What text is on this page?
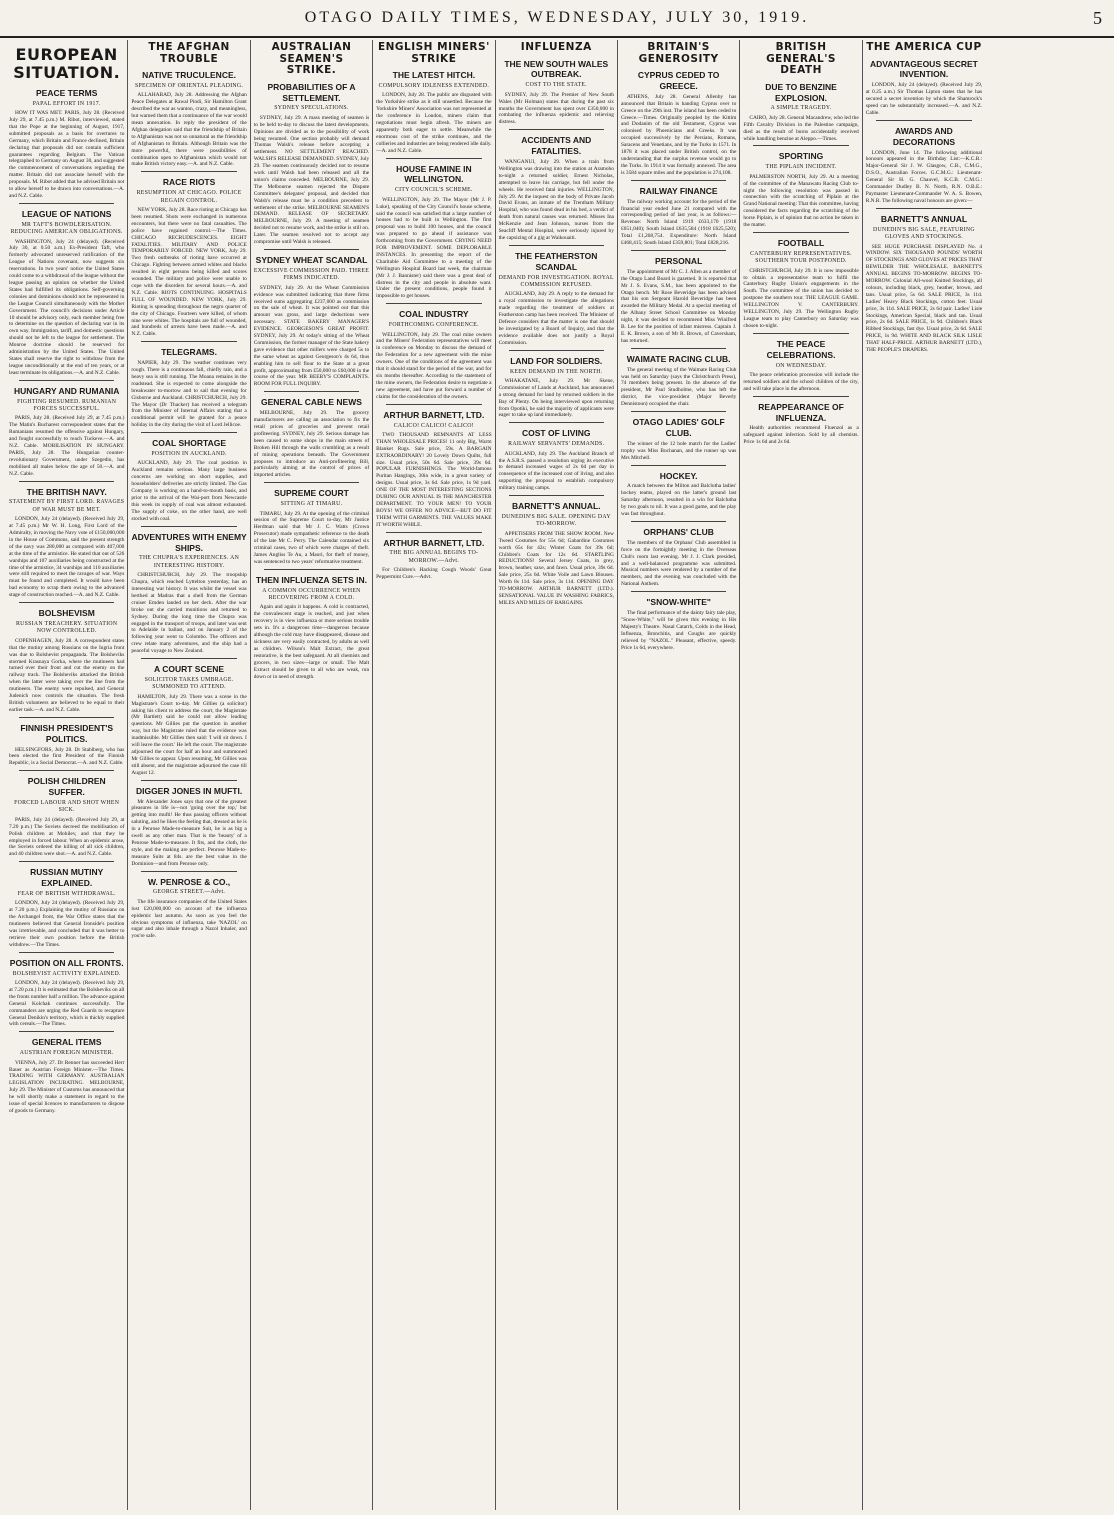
OTAGO DAILY TIMES, WEDNESDAY, JULY 30, 1919.	5
EUROPEAN SITUATION.
PEACE TERMS
PAPAL EFFORT IN 1917.

HOW IT WAS MET. PARIS, July 28. (Received July 29, at 7.45 p.m.) M. Ribot, interviewed, stated that the Pope at the beginning of August, 1917, submitted proposals as a basis for overtures to Germany, which Britain and France declined, Britain declaring that proposals did not contain sufficient guarantees regarding Belgium. The Vatican telegraphed to Germany on August 30, and suggested the commencement of conversations regarding the matter. Britain did not associate herself with the proposals. M. Ribot added that he advised Britain not to allow herself to be drawn into conversations.—A. and N.Z. Cable.

LEAGUE OF NATIONS
MR TAFT'S BOWDLERISATION. REDUCING AMERICAN OBLIGATIONS.

WASHINGTON, July 24 (delayed). (Received July 30, at 0.50 a.m.) Ex-President Taft, who formerly advocated unreserved ratification of the League of Nations covenant, now suggests six reservations. In two years' notice the United States could come to a withdrawal of the league without the league passing an opinion on whether the United States had fulfilled its obligations. Self-governing colonies and dominions should not be represented in the League Council simultaneously with the Mother Government. The council's decisions under Article 10 should be advisory only, each member being free to determine on the question of declaring war in its own way. Immigration, tariff, and domestic questions should not be left to the league for settlement. The Monroe doctrine should be reserved for administration by the United States. The United States shall reserve the right to withdraw from the league unconditionally at the end of ten years, or at least terminate its obligations.—A. and N.Z. Cable.

HUNGARY AND RUMANIA
FIGHTING RESUMED. RUMANIAN FORCES SUCCESSFUL.

PARIS, July 28. (Received July 29, at 7.45 p.m.) The Matin's Bucharest correspondent states that the Rumanians resumed the offensive against Hungary, and fought successfully to reach Tuckeve.—A. and N.Z. Cable. MOBILISATION IN HUNGARY. PARIS, July 28. The Hungarian counter-revolutionary Government, under Szegedin, has mobilised all males below the age of 50.—A. and N.Z. Cable.

THE BRITISH NAVY.
STATEMENT BY FIRST LORD. RAVAGES OF WAR MUST BE MET.

LONDON, July 24 (delayed). (Received July 29, at 7.45 p.m.) Mr W. H. Long, First Lord of the Admiralty, in moving the Navy vote of £150,000,000 in the House of Commons, said the present strength of the navy was 280,000 as compared with 407,000 at the time of the armistice. He stated that out of 526 warships and 107 auxiliaries being constructed at the time of the armistice, 34 warships and 110 auxiliaries were still required to meet the ravages of war. Ways must be found and completed. It would have been bad economy to scrap them owing to the advanced stage of construction reached.—A. and N.Z. Cable.

BOLSHEVISM
RUSSIAN TREACHERY. SITUATION NOW CONTROLLED.

COPENHAGEN, July 28. A correspondent states that the mutiny among Russians on the Ingria front was due to Bolshevist propaganda. The Bolsheviks stormed Krasnaya Gorka, where the mutineers had turned over their front and cut the enemy on the railway track. The Bolsheviks attacked the British when the latter were taking over the line from the mutineers. The enemy were repulsed, and General Judenich now controls the situation. The fresh British volunteers are believed to be equal to their earlier task.—A. and N.Z. Cable.

FINNISH PRESIDENT'S POLITICS.

HELSINGFORS, July 28. Dr Stahlberg, who has been elected the first President of the Finnish Republic, is a Social Democrat.—A. and N.Z. Cable.

POLISH CHILDREN SUFFER.
FORCED LABOUR AND SHOT WHEN SICK.

PARIS, July 24 (delayed). (Received July 29, at 7.20 p.m.) The Soviets decreed the mobilisation of Polish children at Mohilev, and that they be employed in forced labour. When an epidemic arose, the Soviets ordered the killing of all sick children, and 40 children were shot.—A. and N.Z. Cable.

RUSSIAN MUTINY EXPLAINED.
FEAR OF BRITISH WITHDRAWAL.

LONDON, July 24 (delayed). (Received July 29, at 7.20 p.m.) Explaining the mutiny of Russians on the Archangel front, the War Office states that the mutineers believed that General Ironside's position was irretrievable, and concluded that it was better to retrieve their own position before the British withdrew.—The Times.

POSITION ON ALL FRONTS.
BOLSHEVIST ACTIVITY EXPLAINED.

LONDON, July 24 (delayed). (Received July 29, at 7.20 p.m.) It is estimated that the Bolsheviks on all the fronts number half a million. The advance against General Kolchak continues successfully. The commanders are urging the Red Guards to recapture General Denikin's territory, which is thickly supplied with cereals.—The Times.

GENERAL ITEMS
AUSTRIAN FOREIGN MINISTER.

VIENNA, July 27. Dr Renner has succeeded Herr Bauer as Austrian Foreign Minister.—The Times. TRADING WITH GERMANY. AUSTRALIAN LEGISLATION INCUBATING. MELBOURNE, July 29. The Minister of Customs has announced that he will shortly make a statement in regard to the issue of special licences to manufacturers to dispose of goods to Germany.

THE AFGHAN TROUBLE
NATIVE TRUCULENCE.
SPECIMEN OF ORIENTAL PLEADING.

ALLAHABAD, July 28. Addressing the Afghan Peace Delegates at Rawal Pindi, Sir Hamilton Grant described the war as wanton, crazy, and meaningless, but warned them that a continuance of the war would mean annexation. In reply the president of the Afghan delegation said that the friendship of Britain to Afghanistan was not so unnatural as the friendship of Afghanistan to Britain. Although Britain was the more powerful, there were possibilities of combination open to Afghanistan which would not make British victory easy.—A. and N.Z. Cable.

RACE RIOTS
RESUMPTION AT CHICAGO. POLICE REGAIN CONTROL.

NEW YORK, July 28. Race rioting at Chicago has been resumed. Shots were exchanged in numerous encounters, but there were no fatal casualties. The police have regained control.—The Times. CHICAGO RECRUDESCENCES. EIGHT FATALITIES. MILITARY AND POLICE TEMPORARILY FORCED. NEW YORK, July 29. Two fresh outbreaks of rioting have occurred at Chicago. Fighting between armed whites and blacks resulted in eight persons being killed and scores wounded. The military and police were unable to cope with the disorders for several hours.—A. and N.Z. Cable. RIOTS CONTINUING. HOSPITALS FULL OF WOUNDED. NEW YORK, July 29. Rioting is spreading throughout the negro quarter of the city of Chicago. Fourteen were killed, of whom nine were whites. The hospitals are full of wounded, and hundreds of arrests have been made.—A. and N.Z. Cable.

TELEGRAMS.

NAPIER, July 29. The weather continues very rough. There is a continuous fall, chiefly rain, and a heavy sea is still running. The Moana remains in the roadstead. She is expected to come alongside the breakwater to-morrow and to sail that evening for Gisborne and Auckland. CHRISTCHURCH, July 29. The Mayor (Dr Thacker) has received a telegram from the Minister of Internal Affairs stating that a conditional permit will be granted for a peace holiday in the city during the visit of Lord Jellicoe.

COAL SHORTAGE
POSITION IN AUCKLAND.

AUCKLAND, July 29. The coal position in Auckland remains serious. Many large business concerns are working on short supplies, and householders' deliveries are strictly limited. The Gas Company is working on a hand-to-mouth basis, and prior to the arrival of the Wai-port from Newcastle this week its supply of coal was almost exhausted. The supply of coke, on the other hand, are well stocked with coal.

ADVENTURES WITH ENEMY SHIPS.
THE CHUPRA'S EXPERIENCES. AN INTERESTING HISTORY.

CHRISTCHURCH, July 29. The troopship Chupra, which reached Lyttelton yesterday, has an interesting war history. It was whilst the vessel was berthed at Madras that a shell from the German cruiser Emden landed on her deck. After the war broke out she carried munitions and returned to Sydney. During the long time the Chupra was engaged in the transport of troops, and later was sent to Adelaide in ballast, and on January 2 of the following year went to Colombo. The officers and crew relate many adventures, and the ship had a peaceful voyage to New Zealand.

A COURT SCENE
SOLICITOR TAKES UMBRAGE. SUMMONED TO ATTEND.

HAMILTON, July 29. There was a scene in the Magistrate's Court to-day. Mr Gillies (a solicitor) asking his client to address the court, the Magistrate (Mr Bartlett) said he could not allow leading questions. Mr Gillies put the question in another way, but the Magistrate ruled that the evidence was inadmissible. Mr Gillies then said: 'I will sit down. I will leave the court.' He left the court. The magistrate adjourned the court for half an hour and summoned Mr Gillies to appear. Upon resuming, Mr Gillies was still absent, and the magistrate adjourned the case till August 12.

DIGGER JONES IN MUFTI.

Mr Alexander Jones says that one of the greatest pleasures in life is—not 'going over the top,' but getting into mufti! He thus passing officers without saluting, and he likes the feeling that, dressed as he is in a Penrose Made-to-measure Suit, he is as big a swell as any other man. That is the 'beauty' of a Penrose Made-to-measure. It fits, and the cloth, the style, and the making are perfect. Penrose Made-to-measure Suits at 84s. are the best value in the Dominion—and from Penrose only.

W. PENROSE & CO.,
GEORGE STREET.—Advt.

The life insurance companies of the United States lost £20,000,000 on account of the influenza epidemic last autumn. As soon as you feel the obvious symptoms of influenza, take 'NAZOL' on sugar and also inhale through a Nazol Inhaler, and you're safe.

AUSTRALIAN SEAMEN'S STRIKE.
PROBABILITIES OF A SETTLEMENT.
SYDNEY SPECULATIONS.

SYDNEY, July 29. A mass meeting of seamen is to be held to-day to discuss the latest developments. Opinions are divided as to the possibility of work being resumed. One section probably will demand Thomas Walsh's release before accepting a settlement. NO SETTLEMENT REACHED. WALSH'S RELEASE DEMANDED. SYDNEY, July 29. The seamen continuously decided not to resume work until Walsh had been released and all the union's claims conceded. MELBOURNE, July 29. The Melbourne seamen rejected the Dispute Committee's delegates' proposal, and decided that Walsh's release must be a condition precedent to settlement of the strike. MELBOURNE SEAMEN'S DEMAND. RELEASE OF SECRETARY. MELBOURNE, July 29. A meeting of seamen decided not to resume work, and the strike is still on. Later. The seamen resolved not to accept any compromise until Walsh is released.

SYDNEY WHEAT SCANDAL
EXCESSIVE COMMISSION PAID. THREE FIRMS INDICATED.

SYDNEY, July 29. At the Wheat Commission evidence was submitted indicating that three firms received sums aggregating £237,000 as commission on the sale of wheat. It was pointed out that this amount was gross, and large deductions were necessary. STATE BAKERY MANAGER'S EVIDENCE. GEORGESON'S GREAT PROFIT. SYDNEY, July 29. At today's sitting of the Wheat Commission, the former manager of the State bakery gave evidence that other millers were charged 5s to the same wheat as against Georgeson's 4s 6d, thus enabling him to sell flour to the State at a great profit, approximating from £50,000 to £60,000 in the course of the year. MR BEEBY'S COMPLAINTS. ROOM FOR FULL INQUIRY.

GENERAL CABLE NEWS

MELBOURNE, July 29. The grocery manufacturers are calling an association to fix the retail prices of groceries and prevent retail profiteering. SYDNEY, July 29. Serious damage has been caused to some shops in the main streets of Broken Hill through the walls crumbling as a result of mining operations beneath. The Government proposes to introduce an Anti-profiteering Bill, particularly aiming at the control of prices of imported articles.

SUPREME COURT
SITTING AT TIMARU.

TIMARU, July 29. At the opening of the criminal session of the Supreme Court to-day, Mr Justice Herdman said that Mr J. C. Watts (Crown Prosecutor) made sympathetic reference to the death of the late Mr C. Perry. The Calendar contained six criminal cases, two of which were charges of theft. James Angliss Te Au, a Maori, for theft of money, was sentenced to two years' reformative treatment.

THEN INFLUENZA SETS IN.
A COMMON OCCURRENCE WHEN RECOVERING FROM A COLD.

Again and again it happens. A cold is contracted, the convalescent stage is reached, and just when recovery is in view influenza or more serious trouble sets in. It's a dangerous time—dangerous because although the cold may have disappeared, disease and sickness are very easily contracted, by adults as well as children. Wilson's Malt Extract, the great restorative, is the best safeguard. At all chemists and grocers, in two sizes—large or small. The Malt Extract should be given to all who are weak, run down or in need of strength.

ENGLISH MINERS' STRIKE
THE LATEST HITCH.
COMPULSORY IDLENESS EXTENDED.

LONDON, July 28. The public are disgusted with the Yorkshire strike as it still unsettled. Because the Yorkshire Miners' Association was not represented at the conference in London, miners claim that negotiations must begin afresh. The miners are apparently both eager to settle. Meanwhile the enormous cost of the strike continues, and the collieries and industries are being rendered idle daily.—A. and N.Z. Cable.

HOUSE FAMINE IN WELLINGTON.
CITY COUNCIL'S SCHEME.

WELLINGTON, July 29. The Mayor (Mr J. P. Luke), speaking of the City Council's house scheme, said the council was satisfied that a large number of houses had to be built in Wellington. The first proposal was to build 100 houses, and the council was prepared to go ahead if assistance was forthcoming from the Government. CRYING NEED FOR IMPROVEMENT. SOME DEPLORABLE INSTANCES. In presenting the report of the Charitable Aid Committee to a meeting of the Wellington Hospital Board last week, the chairman (Mr J. J. Bannister) said there was a great deal of distress in the city and people in absolute want. Under the present conditions, people found it impossible to get houses.

COAL INDUSTRY
FORTHCOMING CONFERENCE.

WELLINGTON, July 29. The coal mine owners and the Miners' Federation representatives will meet in conference on Monday to discuss the demand of the Federation for a new agreement with the mine owners. One of the conditions of the agreement was that it should stand for the period of the war, and for six months thereafter. According to the statement of the mine owners, the Federation desire to negotiate a new agreement, and have put forward a number of claims for the consideration of the owners.

ARTHUR BARNETT, LTD.
CALICO! CALICO! CALICO!

TWO THOUSAND REMNANTS AT LESS THAN WHOLESALE PRICES! 11 only Big, Warm Blanket Rugs. Sale price, 59s. A BARGAIN EXTRAORDINARY! 20 Lovely Down Quilts, full size. Usual price, 50s 6d. Sale price, 39s 6d. POPULAR FURNISHINGS. The World-famous Puritan Hangings, 30in wide, in a great variety of designs. Usual price, 3s 6d. Sale price, 1s 9d yard. ONE OF THE MOST INTERESTING SECTIONS DURING OUR ANNUAL IS THE MANCHESTER DEPARTMENT. TO YOUR MEN! TO YOUR BOYS! WE OFFER NO ADVICE—BUT DO FIT THEM WITH GARMENTS. THE VALUES MAKE IT WORTH WHILE.

ARTHUR BARNETT, LTD.
THE BIG ANNUAL BEGINS TO-MORROW.—Advt.

For Children's Hacking Cough Woods' Great Peppermint Cure.—Advt.

INFLUENZA
THE NEW SOUTH WALES OUTBREAK.
COST TO THE STATE.

SYDNEY, July 29. The Premier of New South Wales (Mr Holman) states that during the past six months the Government has spent over £350,000 in combating the influenza epidemic and relieving distress.

ACCIDENTS AND FATALITIES.

WANGANUI, July 29. When a train from Wellington was drawing into the station at Aramoho to-night a returned soldier, Ernest Nicholas, attempted to leave his carriage, but fell under the wheels. He received fatal injuries. WELLINGTON, July 29. At the inquest on the body of Private Jacob David Evans, an inmate of the Trentham Military Hospital, who was found dead in his bed, a verdict of death from natural causes was returned. Misses Ina McKenzie and Jean Johnson, nurses from the Seacliff Mental Hospital, were seriously injured by the capsizing of a gig at Waikouaiti.

THE FEATHERSTON SCANDAL
DEMAND FOR INVESTIGATION. ROYAL COMMISSION REFUSED.

AUCKLAND, July 29. A reply to the demand for a royal commission to investigate the allegations made regarding the treatment of soldiers at Featherston camp has been received. The Minister of Defence considers that the matter is one that should be investigated by a Board of Inquiry, and that the evidence available does not justify a Royal Commission.

LAND FOR SOLDIERS.
KEEN DEMAND IN THE NORTH.

WHAKATANE, July 29. Mr Skene, Commissioner of Lands at Auckland, has announced a strong demand for land by returned soldiers in the Bay of Plenty. On being interviewed upon returning from Opotiki, he said the majority of applicants were eager to take up land immediately.

COST OF LIVING
RAILWAY SERVANTS' DEMANDS.

AUCKLAND, July 29. The Auckland Branch of the A.S.R.S. passed a resolution urging its executive to demand increased wages of 2s 6d per day in consequence of the increased cost of living, and also supporting the proposal to establish compulsory military training camps.

BARNETT'S ANNUAL.
DUNEDIN'S BIG SALE. OPENING DAY TO-MORROW.

APPETISERS FROM THE SHOW ROOM. New Tweed Costumes for 55s 6d; Gabardine Costumes worth 65s for 42s; Winter Coats for 39s 6d; Children's Coats for 12s 6d. STARTLING REDUCTIONS! Several Jersey Coats, in grey, brown, heather, saxe, and fawn. Usual price, 39s 6d. Sale price, 25s 6d. White Voile and Lawn Blouses. Worth 8s 11d. Sale price, 3s 11d. OPENING DAY TO-MORROW. ARTHUR BARNETT (LTD.). SENSATIONAL VALUE IN WASHING FABRICS, MILES AND MILES OF BARGAINS.

BRITAIN'S GENEROSITY
CYPRUS CEDED TO GREECE.

ATHENS, July 28. General Allenby has announced that Britain is handing Cyprus over to Greece on the 29th inst. The island has been ceded to Greece.—Times. Originally peopled by the Kittim and Dodanim of the old Testament, Cyprus was colonised by Phoenicians and Greeks. It was occupied successively by the Persians, Romans, Saracens and Venetians, and by the Turks in 1571. In 1878 it was placed under British control, on the understanding that the surplus revenue would go to the Turks. In 1914 it was formally annexed. The area is 3584 square miles and the population is 274,108.

RAILWAY FINANCE

The railway working account for the period of the financial year ended June 21 compared with the corresponding period of last year, is as follows:— Revenue: North Island 1919 £633,170 (1918 £651,040); South Island £635,584 (1918 £625,520); Total £1,268,754. Expenditure: North Island £468,415; South Island £359,801; Total £828,216.

PERSONAL

The appointment of Mr C. J. Allen as a member of the Otago Land Board is gazetted. It is reported that Mr J. S. Evans, S.M., has been appointed to the Otago bench. Mr Rose Beveridge has been advised that his son Sergeant Harold Beveridge has been awarded the Military Medal. At a special meeting of the Albany Street School Committee on Monday night, it was decided to recommend Miss Winifred B. Lee for the position of infant mistress. Captain J. E. K. Brown, a son of Mr R. Brown, of Caversham, has returned.

WAIMATE RACING CLUB.

The general meeting of the Waimate Racing Club was held on Saturday (says the Christchurch Press), 74 members being present. In the absence of the president, Mr Paul Studholme, who has left the district, the vice-president (Major Beverly Dennistoun) occupied the chair.

OTAGO LADIES' GOLF CLUB.

The winner of the 12 hole match for the Ladies' trophy was Miss Buchanan, and the runner up was Mrs Mitchell.

HOCKEY.

A match between the Milton and Balclutha ladies' hockey teams, played on the latter's ground last Saturday afternoon, resulted in a win for Balclutha by two goals to nil. It was a good game, and the play was fast throughout.

ORPHANS' CLUB

The members of the Orphans' Club assembled in force on the fortnightly meeting in the Overseas Club's room last evening. Mr J. J. Clark presided, and a well-balanced programme was submitted. Musical numbers were rendered by a number of the members, and the evening was concluded with the National Anthem.

"SNOW-WHITE"

The final performance of the dainty fairy tale play, "Snow-White," will be given this evening in His Majesty's Theatre. Nasal Catarrh, Colds in the Head, Influenza, Bronchitis, and Coughs are quickly relieved by "NAZOL." Pleasant, effective, speedy. Price 1s 6d, everywhere.

BRITISH GENERAL'S DEATH
DUE TO BENZINE EXPLOSION.
A SIMPLE TRAGEDY.

CAIRO, July 28. General Macandrew, who led the Fifth Cavalry Division in the Palestine campaign, died as the result of burns accidentally received while handling benzine at Aleppo.—Times.

SPORTING
THE PIPLAIN INCIDENT.

PALMERSTON NORTH, July 29. At a meeting of the committee of the Manawatu Racing Club to-night the following resolution was passed in connection with the scratching of Piplain at the Grand National meeting: That this committee, having considered the facts regarding the scratching of the horse Piplain, is of opinion that no action be taken in the matter.

FOOTBALL
CANTERBURY REPRESENTATIVES. SOUTHERN TOUR POSTPONED.

CHRISTCHURCH, July 29. It is now impossible to obtain a representative team to fulfil the Canterbury Rugby Union's engagements in the South. The committee of the union has decided to postpone the southern tour. THE LEAGUE GAME. WELLINGTON V. CANTERBURY. WELLINGTON, July 29. The Wellington Rugby League team to play Canterbury on Saturday was chosen to-night.

THE PEACE CELEBRATIONS.
ON WEDNESDAY.

The peace celebration procession will include the returned soldiers and the school children of the city, and will take place in the afternoon.

REAPPEARANCE OF INFLUENZA.

Health authorities recommend Fluenzol as a safeguard against infection. Sold by all chemists. Price 1s 6d and 2s 6d.

THE AMERICA CUP
ADVANTAGEOUS SECRET INVENTION.

LONDON, July 24 (delayed). (Received July 29, at 0.25 a.m.) Sir Thomas Lipton states that he has secured a secret invention by which the Shamrock's speed can be substantially increased.—A. and N.Z. Cable.

AWARDS AND DECORATIONS

LONDON, June 14. The following additional honours appeared in the Birthday List:—K.C.B.: Major-General Sir J. W. Glasgow, C.B., C.M.G., D.S.O., Australian Forces. G.C.M.G.: Lieutenant-General Sir H. G. Chauvel, K.C.B. C.M.G.: Commander Dudley B. N. North, R.N. O.B.E.: Paymaster Lieutenant-Commander W. A. S. Bowen, R.N.R. The following naval honours are given:—

BARNETT'S ANNUAL
DUNEDIN'S BIG SALE, FEATURING GLOVES AND STOCKINGS.

SEE HUGE PURCHASE DISPLAYED No. 4 WINDOW. SIX THOUSAND POUNDS' WORTH OF STOCKINGS AND GLOVES AT PRICES THAT BEWILDER THE WHOLESALE. BARNETT'S ANNUAL BEGINS TO-MORROW. BEGINS TO-MORROW. Colonial All-wool Knitted Stockings, all colours, including black, grey, heather, brown, and tans. Usual price, 5s 6d. SALE PRICE, 3s 11d. Ladies' Heavy Black Stockings, cotton feet. Usual price, 3s 11d. SALE PRICE, 2s 6d pair. Ladies' Lisle Stockings, American Special, black and tan. Usual price, 2s 6d. SALE PRICE, 1s 9d. Children's Black Ribbed Stockings, fast dye. Usual price, 2s 6d. SALE PRICE, 1s 9d. WHITE AND BLACK SILK LISLE THAT HALF-PRICE. ARTHUR BARNETT (LTD.), THE PEOPLE'S DRAPERS.
